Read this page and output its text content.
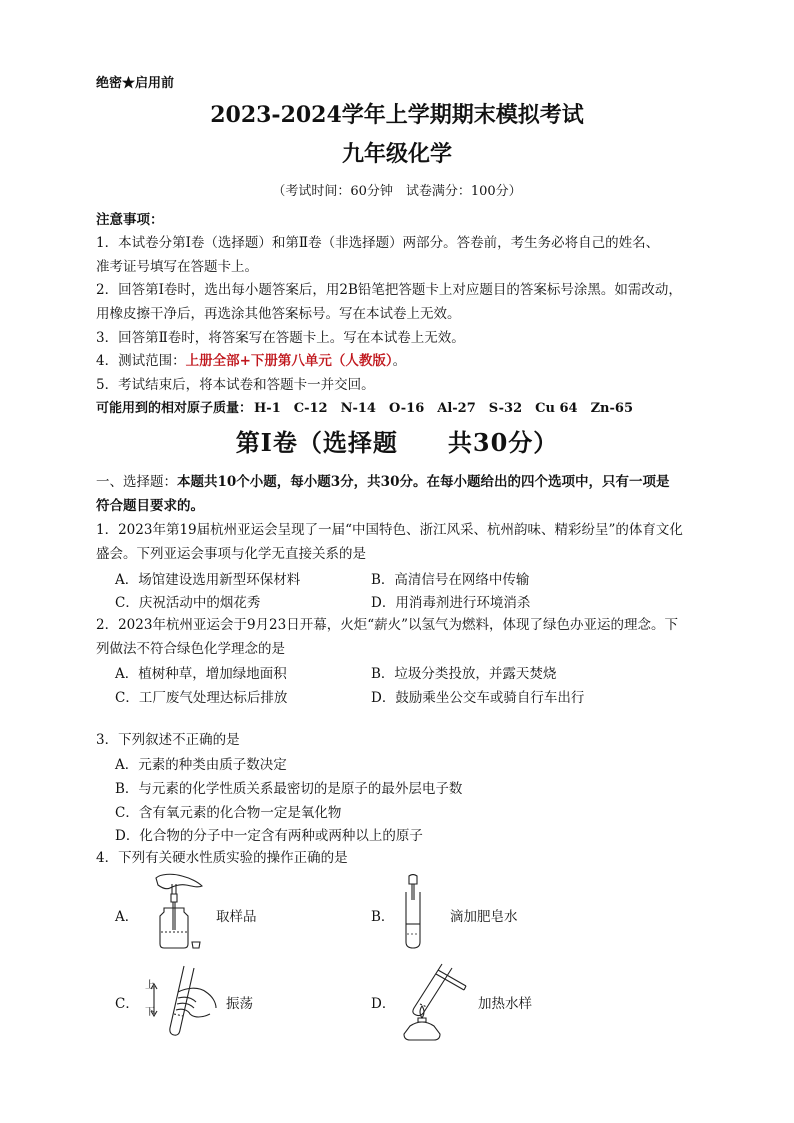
绝密★启用前
2023-2024学年上学期期末模拟考试
九年级化学
（考试时间：60分钟　试卷满分：100分）
注意事项：
1．本试卷分第Ⅰ卷（选择题）和第Ⅱ卷（非选择题）两部分。答卷前，考生务必将自己的姓名、
准考证号填写在答题卡上。
2．回答第Ⅰ卷时，选出每小题答案后，用2B铅笔把答题卡上对应题目的答案标号涂黑。如需改动，
用橡皮擦干净后，再选涂其他答案标号。写在本试卷上无效。
3．回答第Ⅱ卷时，将答案写在答题卡上。写在本试卷上无效。
4．测试范围：上册全部+下册第八单元（人教版）。
5．考试结束后，将本试卷和答题卡一并交回。
可能用到的相对原子质量： H-1 C-12 N-14 O-16 Al-27 S-32 Cu 64 Zn-65
第Ⅰ卷（选择题　　共30分）
一、选择题：本题共10个小题，每小题3分，共30分。在每小题给出的四个选项中，只有一项是
符合题目要求的。
1．2023年第19届杭州亚运会呈现了一届“中国特色、浙江风采、杭州韵味、精彩纷呈”的体育文化
盛会。下列亚运会事项与化学无直接关系的是
A．场馆建设选用新型环保材料	B．高清信号在网络中传输
C．庆祝活动中的烟花秀	D．用消毒剂进行环境消杀
2．2023年杭州亚运会于9月23日开幕，火炬“薪火”以氢气为燃料，体现了绿色办亚运的理念。下
列做法不符合绿色化学理念的是
A．植树种草，增加绿地面积	B．垃圾分类投放，并露天焚烧
C．工厂废气处理达标后排放	D．鼓励乘坐公交车或骑自行车出行
3．下列叙述不正确的是
A．元素的种类由质子数决定
B．与元素的化学性质关系最密切的是原子的最外层电子数
C．含有氧元素的化合物一定是氧化物
D．化合物的分子中一定含有两种或两种以上的原子
4．下列有关硬水性质实验的操作正确的是
A．	取样品	B．	滴加肥皂水
C．
上
下
振荡	D．	加热水样
